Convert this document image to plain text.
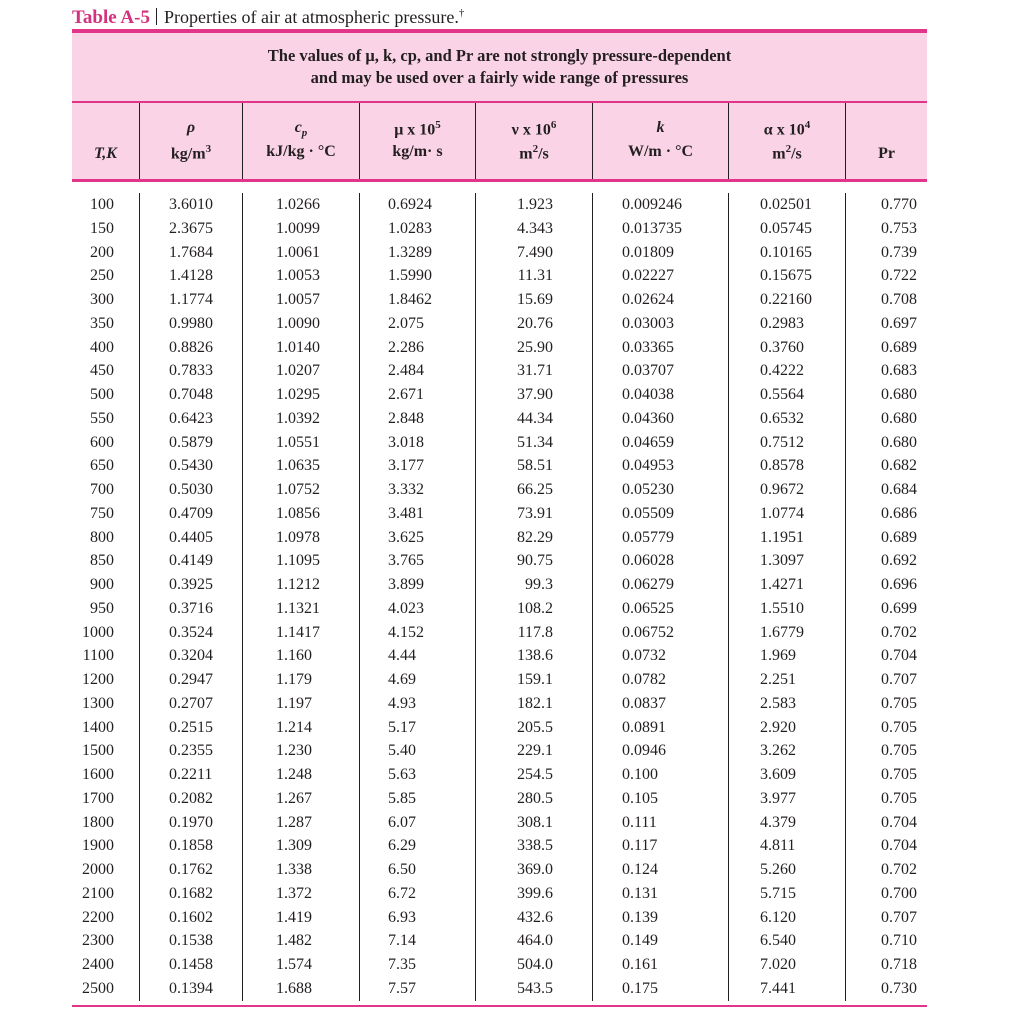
Table A-5 Properties of air at atmospheric pressure.†
The values of μ, k, cp, and Pr are not strongly pressure-dependent
and may be used over a fairly wide range of pressures
T,K
ρ
$kg/m^3$
$c_p$
kJ/kg · °C
μ x $10^5$
kg/m· s
ν x $10^6$
$m^2/s$
k
W/m · °C
α x $10^4$
$m^2/s$	Pr
100
150
200
250
300
350
400
450
500
550
600
650
700
750
800
850
900
950
1000
1100
1200
1300
1400
1500
1600
1700
1800
1900
2000
2100
2200
2300
2400
2500
3.6010
2.3675
1.7684
1.4128
1.1774
0.9980
0.8826
0.7833
0.7048
0.6423
0.5879
0.5430
0.5030
0.4709
0.4405
0.4149
0.3925
0.3716
0.3524
0.3204
0.2947
0.2707
0.2515
0.2355
0.2211
0.2082
0.1970
0.1858
0.1762
0.1682
0.1602
0.1538
0.1458
0.1394
1.0266
1.0099
1.0061
1.0053
1.0057
1.0090
1.0140
1.0207
1.0295
1.0392
1.0551
1.0635
1.0752
1.0856
1.0978
1.1095
1.1212
1.1321
1.1417
1.160
1.179
1.197
1.214
1.230
1.248
1.267
1.287
1.309
1.338
1.372
1.419
1.482
1.574
1.688
0.6924
1.0283
1.3289
1.5990
1.8462
2.075
2.286
2.484
2.671
2.848
3.018
3.177
3.332
3.481
3.625
3.765
3.899
4.023
4.152
4.44
4.69
4.93
5.17
5.40
5.63
5.85
6.07
6.29
6.50
6.72
6.93
7.14
7.35
7.57
1.923
4.343
7.490
11.31
15.69
20.76
25.90
31.71
37.90
44.34
51.34
58.51
66.25
73.91
82.29
90.75
99.3
108.2
117.8
138.6
159.1
182.1
205.5
229.1
254.5
280.5
308.1
338.5
369.0
399.6
432.6
464.0
504.0
543.5
0.009246
0.013735
0.01809
0.02227
0.02624
0.03003
0.03365
0.03707
0.04038
0.04360
0.04659
0.04953
0.05230
0.05509
0.05779
0.06028
0.06279
0.06525
0.06752
0.0732
0.0782
0.0837
0.0891
0.0946
0.100
0.105
0.111
0.117
0.124
0.131
0.139
0.149
0.161
0.175
0.02501
0.05745
0.10165
0.15675
0.22160
0.2983
0.3760
0.4222
0.5564
0.6532
0.7512
0.8578
0.9672
1.0774
1.1951
1.3097
1.4271
1.5510
1.6779
1.969
2.251
2.583
2.920
3.262
3.609
3.977
4.379
4.811
5.260
5.715
6.120
6.540
7.020
7.441
0.770
0.753
0.739
0.722
0.708
0.697
0.689
0.683
0.680
0.680
0.680
0.682
0.684
0.686
0.689
0.692
0.696
0.699
0.702
0.704
0.707
0.705
0.705
0.705
0.705
0.705
0.704
0.704
0.702
0.700
0.707
0.710
0.718
0.730
